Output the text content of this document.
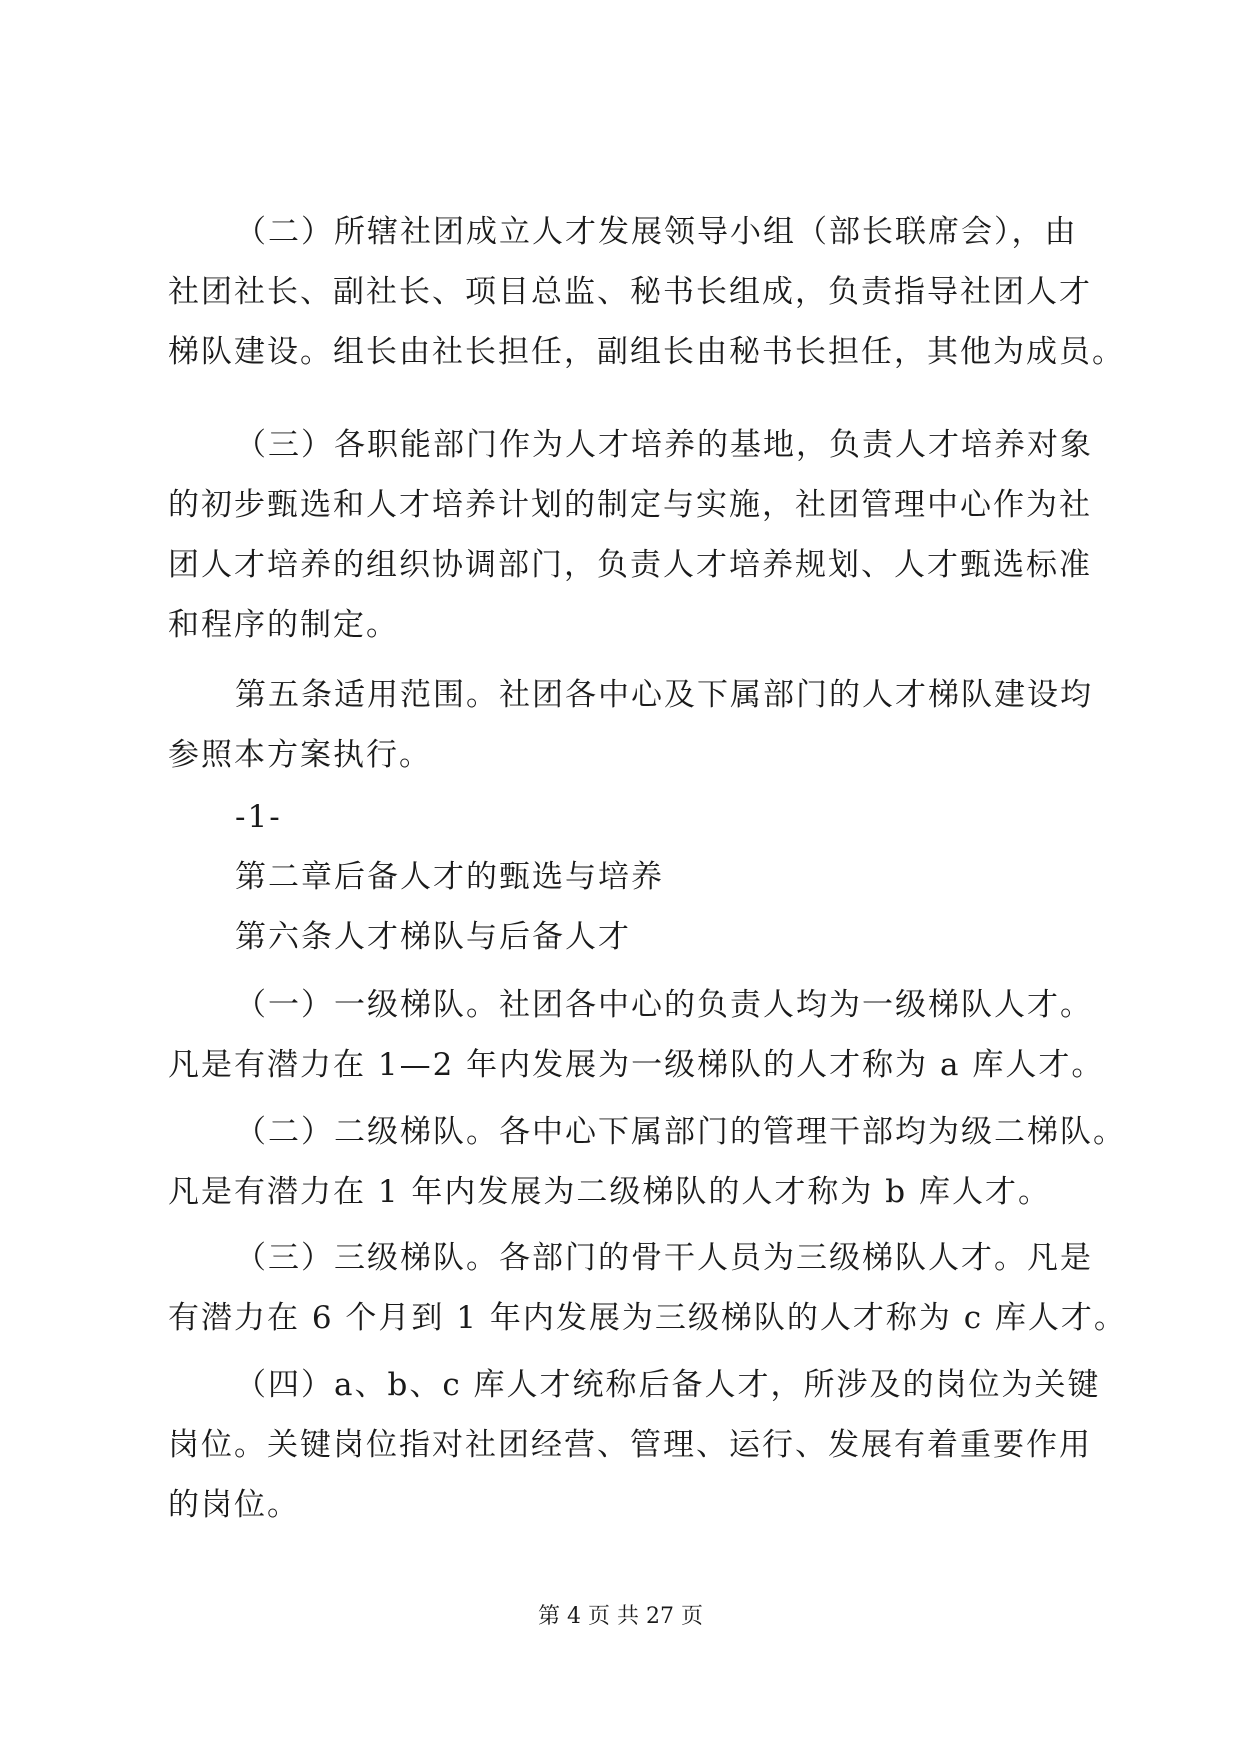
（二）所辖社团成立人才发展领导小组（部长联席会），由
社团社长、副社长、项目总监、秘书长组成，负责指导社团人才
梯队建设。组长由社长担任，副组长由秘书长担任，其他为成员。
（三）各职能部门作为人才培养的基地，负责人才培养对象
的初步甄选和人才培养计划的制定与实施，社团管理中心作为社
团人才培养的组织协调部门，负责人才培养规划、人才甄选标准
和程序的制定。
第五条适用范围。社团各中心及下属部门的人才梯队建设均
参照本方案执行。
-1-
第二章后备人才的甄选与培养
第六条人才梯队与后备人才
（一）一级梯队。社团各中心的负责人均为一级梯队人才。
凡是有潜力在 1—2 年内发展为一级梯队的人才称为 a 库人才。
（二）二级梯队。各中心下属部门的管理干部均为级二梯队。
凡是有潜力在 1 年内发展为二级梯队的人才称为 b 库人才。
（三）三级梯队。各部门的骨干人员为三级梯队人才。凡是
有潜力在 6 个月到 1 年内发展为三级梯队的人才称为 c 库人才。
（四）a、b、c 库人才统称后备人才，所涉及的岗位为关键
岗位。关键岗位指对社团经营、管理、运行、发展有着重要作用
的岗位。
第 4 页 共 27 页
